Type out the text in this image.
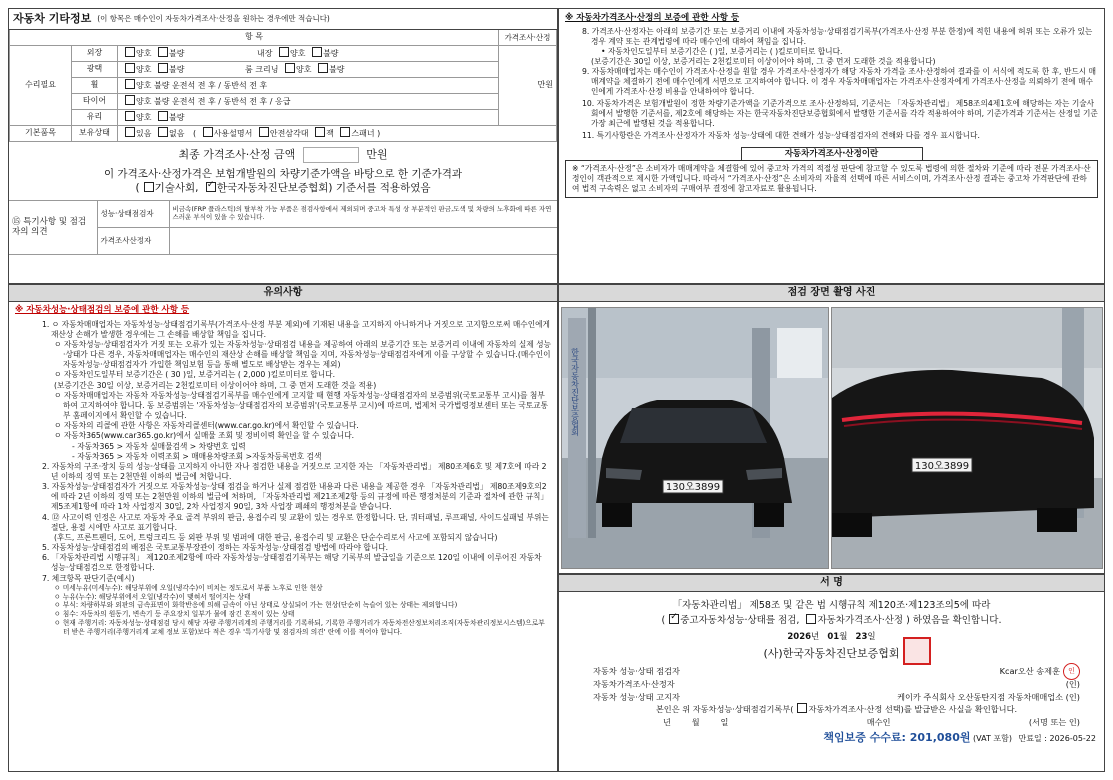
자동차 기타정보 (이 항목은 매수인이 자동차가격조사·산정을 원하는 경우에만 적습니다)
항 목			가격조사·산정
수리필요	외장	양호 불량 내장 양호 불량	만원
	광택	양호 불량 룸 크리닝 양호 불량	
	휠	양호 불량 운전석 전 후 / 동반석 전 후	
	타이어	양호 불량 운전석 전 후 / 동반석 전 후 / 응급	
	유리	양호 불량	
기본품목	보유상태	있음 없음 ( 사용설명서 안전삼각대 잭 스패너 )	
최종 가격조사·산정 금액	만원
이 가격조사·산정가격은 보험개발원의 차량기준가액을 바탕으로 한 기준가격과
( 기술사회, ✓ 한국자동차진단보증협회) 기준서를 적용하였음
⑮ 특기사항 및 점검자의 의견	성능·상태점검자	비금속(FRP 플라스틱)의 탈부착 가능 부품은 점검사항에서 제외되며 중고차 특성 상 부분적인 판금,도색 및 차량의 노후화에 따른 자연스러운 부식이 있을 수 있습니다.
	가격조사산정자	
※ 자동차가격조사·산정의 보증에 관한 사항 등

8. 가격조사·산정자는 아래의 보증기간 또는 보증거리 이내에 자동차성능·상태점검기록부(가격조사·산정 부분 한정)에 적힌 내용에 허위 또는 오류가 있는 경우 계약 또는 관계법령에 따라 매수인에 대하여 책임을 집니다.

• 자동차인도일부터 보증기간은 ( )일, 보증거리는 ( )킬로미터로 합니다.

(보증기간은 30일 이상, 보증거리는 2천킬로미터 이상이어야 하며, 그 중 먼저 도래한 것을 적용합니다)

9. 자동차매매업자는 매수인이 가격조사·산정을 원할 경우 가격조사·산정자가 해당 자동차 가격을 조사·산정하여 결과를 이 서식에 적도록 한 후, 반드시 매매계약을 체결하기 전에 매수인에게 서면으로 고지하여야 합니다. 이 경우 자동차매매업자는 가격조사·산정자에게 가격조사·산정을 의뢰하기 전에 매수인에게 가격조사·산정 비용을 안내하여야 합니다.

10. 자동차가격은 보험개발원이 정한 차량기준가액을 기준가격으로 조사·산정하되, 기준서는 「자동차관리법」 제58조의4제1호에 해당하는 자는 기술사회에서 발행한 기준서를, 제2호에 해당하는 자는 한국자동차진단보증협회에서 발행한 기준서를 각각 적용하여야 하며, 기준가격과 기준서는 산정일 기준 가장 최근에 발행된 것을 적용합니다.

11. 특기사항란은 가격조사·산정자가 자동차 성능·상태에 대한 견해가 성능·상태점검자의 견해와 다를 경우 표시합니다.

자동차가격조사·산정이란
※ “가격조사·산정”은 소비자가 매매계약을 체결함에 있어 중고차 가격의 적절성 판단에 참고할 수 있도록 법령에 의한 절차와 기준에 따라 전문 가격조사·산정인이 객관적으로 제시한 가액입니다. 따라서 “가격조사·산정”은 소비자의 자율적 선택에 따른 서비스이며, 가격조사·산정 결과는 중고차 가격판단에 관하여 법적 구속력은 없고 소비자의 구매여부 결정에 참고자료로 활용됩니다.
유의사항
※ 자동차성능·상태점검의 보증에 관한 사항 등

1. ㅇ 자동차매매업자는 자동차성능·상태점검기록부(가격조사·산정 부분 제외)에 기재된 내용을 고지하지 아니하거나 거짓으로 고지함으로써 매수인에게 재산상 손해가 발생한 경우에는 그 손해를 배상할 책임을 집니다.

ㅇ 자동차성능·상태점검자가 거짓 또는 오류가 있는 자동차성능·상태점검 내용을 제공하여 아래의 보증기간 또는 보증거리 이내에 자동차의 실제 성능·상태가 다른 경우, 자동차매매업자는 매수인의 재산상 손해를 배상할 책임을 지며, 자동차성능·상태점검자에게 이를 구상할 수 있습니다.(매수인이 자동차성능·상태점검자가 가입한 책임보험 등을 통해 별도로 배상받는 경우는 제외)

ㅇ 자동차인도일부터 보증기간은 ( 30 )일, 보증거리는 ( 2,000 )킬로미터로 합니다.

(보증기간은 30일 이상, 보증거리는 2천킬로미터 이상이어야 하며, 그 중 먼저 도래한 것을 적용)

ㅇ 자동차매매업자는 자동차 자동차성능·상태점검기록부를 매수인에게 고지할 때 현행 자동차성능·상태점검자의 보증범위(국토교통부 고시)를 첨부하여 고지하여야 합니다. 동 보증범위는 '자동차성능·상태점검자의 보증범위'(국토교통부 고시)에 따르며, 법제처 국가법령정보센터 또는 국토교통부 홈페이지에서 확인할 수 있습니다.

ㅇ 자동차의 리콜에 관한 사항은 자동차리콜센터(www.car.go.kr)에서 확인할 수 있습니다.

ㅇ 자동차365(www.car365.go.kr)에서 실매물 조회 및 정비이력 확인을 할 수 있습니다.

- 자동차365 > 자동차 실매물검색 > 차량번호 입력

- 자동차365 > 자동차 이력조회 > 매매용차량조회 >자동차등록번호 검색

2. 자동차의 구조·장치 등의 성능·상태를 고지하지 아니한 자나 점검한 내용을 거짓으로 고지한 자는 「자동차관리법」 제80조제6호 및 제7호에 따라 2년 이하의 징역 또는 2천만원 이하의 벌금에 처합니다.

3. 자동차성능·상태점검자가 거짓으로 자동차성능·상태 점검을 하거나 실제 점검한 내용과 다른 내용을 제공한 경우 「자동차관리법」 제80조제9호의2에 따라 2년 이하의 징역 또는 2천만원 이하의 벌금에 처하며, 「자동차관리법 제21조제2항 등의 규정에 따른 행정처분의 기준과 절차에 관한 규칙」 제5조제1항에 따라 1차 사업정지 30일, 2차 사업정지 90일, 3차 사업장 폐쇄의 행정처분을 받습니다.

4. ⑫ 사고이력 인정은 사고로 자동차 주요 골격 부위의 판금, 용접수리 및 교환이 있는 경우로 한정합니다. 단, 쿼터패널, 루프패널, 사이드실패널 부위는 절단, 용접 시에만 사고로 표기합니다.

(후드, 프론트펜더, 도어, 트렁크리드 등 외판 부위 및 범퍼에 대한 판금, 용접수리 및 교환은 단순수리로서 사고에 포함되지 않습니다)

5. 자동차성능·상태점검의 배점은 국토교통부장관이 정하는 자동차성능·상태점검 방법에 따라야 합니다.

6. 「자동차관리법 시행규칙」 제120조제2항에 따라 자동차성능·상태점검기록부는 해당 기록부의 발급일을 기준으로 120일 이내에 이루어진 자동차 성능·상태점검으로 한정합니다.

7. 체크항목 판단기준(예시)

ㅇ 미세누유(미세누수): 해당부위에 오일(냉각수)이 비치는 정도로서 부품 노후로 인한 현상

ㅇ 누유(누수): 해당부위에서 오일(냉각수)이 맺혀서 떨어지는 상태

ㅇ 부식: 차량하부와 외판의 금속표면이 화학반응에 의해 금속이 아닌 상태로 상실되어 가는 현상(단순히 녹슬어 있는 상태는 제외합니다)

ㅇ 침수: 자동차의 원동기, 변속기 등 주요장치 일부가 물에 잠긴 흔적이 있는 상태

ㅇ 현재 주행거리: 자동차성능·상태점검 당시 해당 자량 주행거리계의 주행거리를 기록하되, 기록한 주행거리가 자동차전산정보처리조직(자동차관리정보시스템)으로부터 받은 주행거리(주행거리계 교체 정보 포함)보다 적은 경우 '특기사항 및 점검자의 의견' 란에 이를 적어야 합니다.

점검 장면 촬영 사진
130오3899
한국자동차진단보증협회
130오3899
서 명
「자동차관리법」 제58조 및 같은 법 시행규칙 제120조·제123조의5에 따라
( ✓ 중고자동차성능·상태를 점검, 자동차가격조사·산정 ) 하였음을 확인합니다.
2026년 01월 23일
(사)한국자동차진단보증협회
자동차 성능·상태 점검자	Kcar오산 송제훈	인
자동차가격조사·산정자	(인)
자동차 성능·상태 고지자	케이카 주식회사 오산동탄지점 자동차매매업소 (인)
본인은 위 자동차성능·상태점검기록부( 자동차가격조사·산정 선택)를 발급받은 사실을 확인합니다.
년        월        일	매수인	(서명 또는 인)
책임보증 수수료: 201,080원 (VAT 포함) 만료일 : 2026-05-22
